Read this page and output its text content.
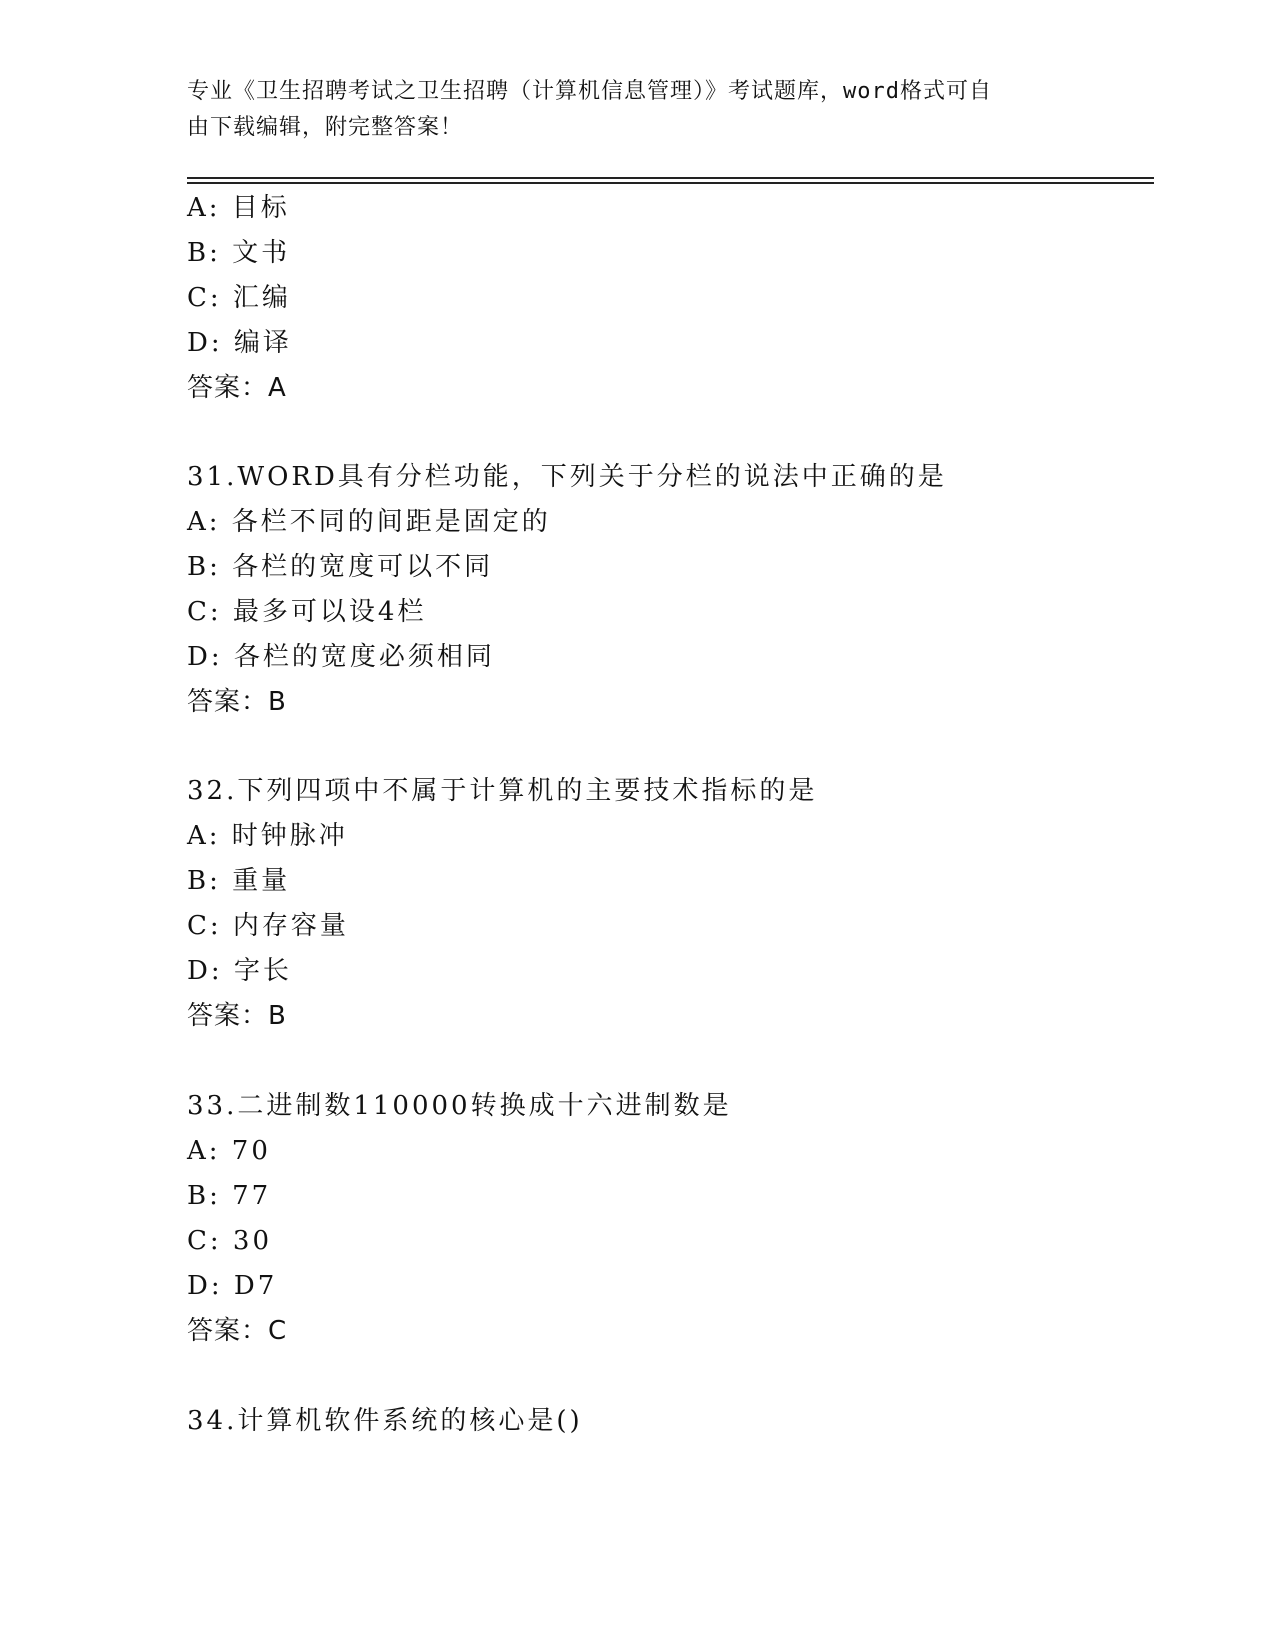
专业《卫生招聘考试之卫生招聘（计算机信息管理）》考试题库，word格式可自
由下载编辑，附完整答案！
A: 目标
B: 文书
C: 汇编
D: 编译
答案：A
31.WORD具有分栏功能，下列关于分栏的说法中正确的是
A: 各栏不同的间距是固定的
B: 各栏的宽度可以不同
C: 最多可以设4栏
D: 各栏的宽度必须相同
答案：B
32.下列四项中不属于计算机的主要技术指标的是
A: 时钟脉冲
B: 重量
C: 内存容量
D: 字长
答案：B
33.二进制数110000转换成十六进制数是
A: 70
B: 77
C: 30
D: D7
答案：C
34.计算机软件系统的核心是()
